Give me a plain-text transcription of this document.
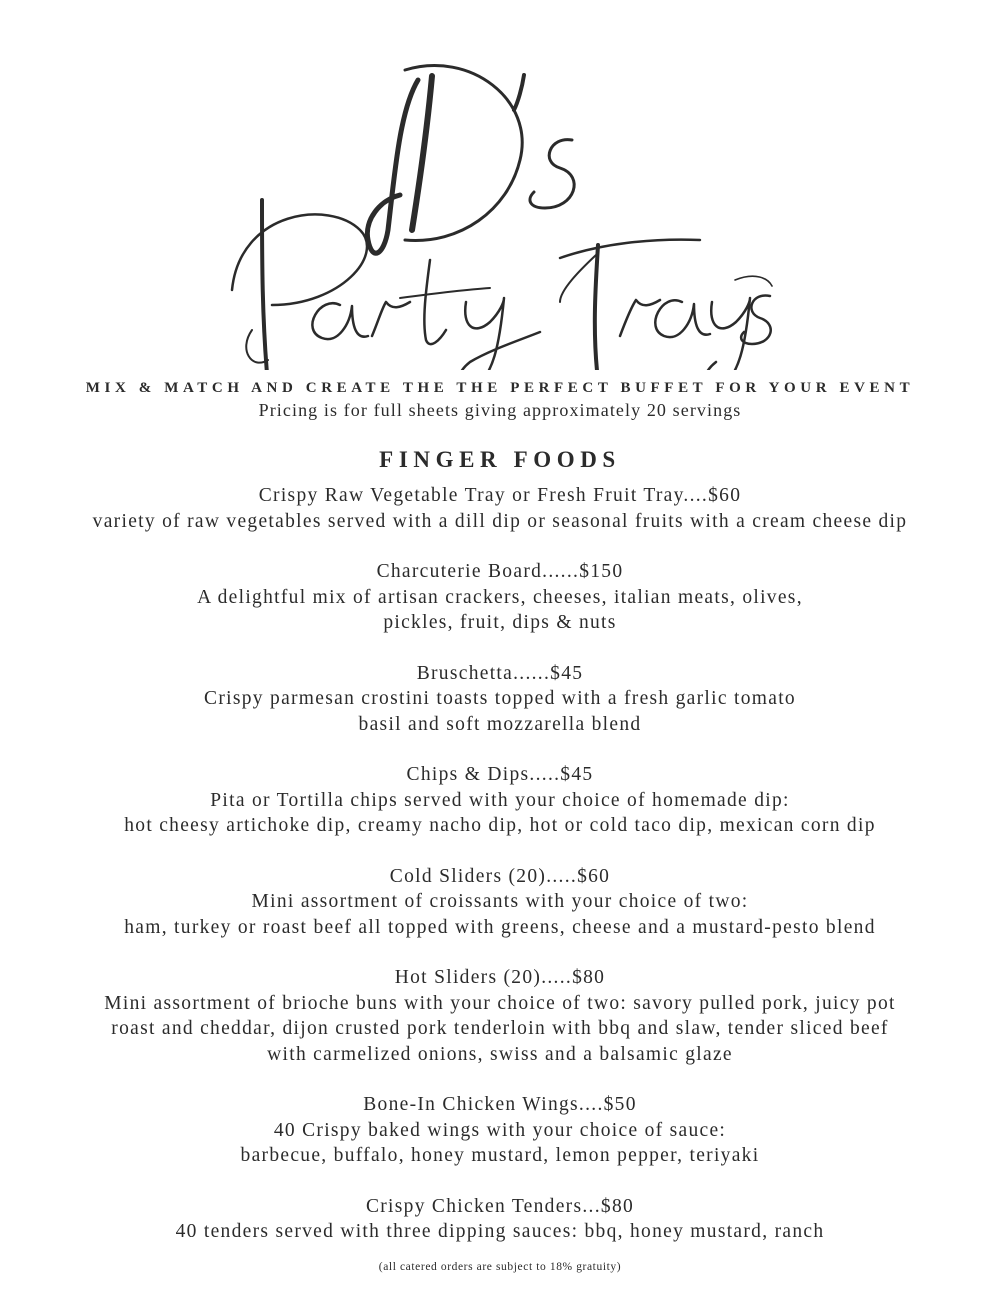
MIX & MATCH AND CREATE THE THE PERFECT BUFFET FOR YOUR EVENT
Pricing is for full sheets giving approximately 20 servings
FINGER FOODS
Crispy Raw Vegetable Tray or Fresh Fruit Tray....$60
variety of raw vegetables served with a dill dip or seasonal fruits with a cream cheese dip
Charcuterie Board......$150
A delightful mix of artisan crackers, cheeses, italian meats, olives,
pickles, fruit, dips & nuts
Bruschetta......$45
Crispy parmesan crostini toasts topped with a fresh garlic tomato
basil and soft mozzarella blend
Chips & Dips.....$45
Pita or Tortilla chips served with your choice of homemade dip:
hot cheesy artichoke dip, creamy nacho dip, hot or cold taco dip, mexican corn dip
Cold Sliders (20).....$60
Mini assortment of croissants with your choice of two:
ham, turkey or roast beef all topped with greens, cheese and a mustard-pesto blend
Hot Sliders (20).....$80
Mini assortment of brioche buns with your choice of two: savory pulled pork, juicy pot
roast and cheddar, dijon crusted pork tenderloin with bbq and slaw, tender sliced beef
with carmelized onions, swiss and a balsamic glaze
Bone-In Chicken Wings....$50
40 Crispy baked wings with your choice of sauce:
barbecue, buffalo, honey mustard, lemon pepper, teriyaki
Crispy Chicken Tenders...$80
40 tenders served with three dipping sauces: bbq, honey mustard, ranch
(all catered orders are subject to 18% gratuity)
